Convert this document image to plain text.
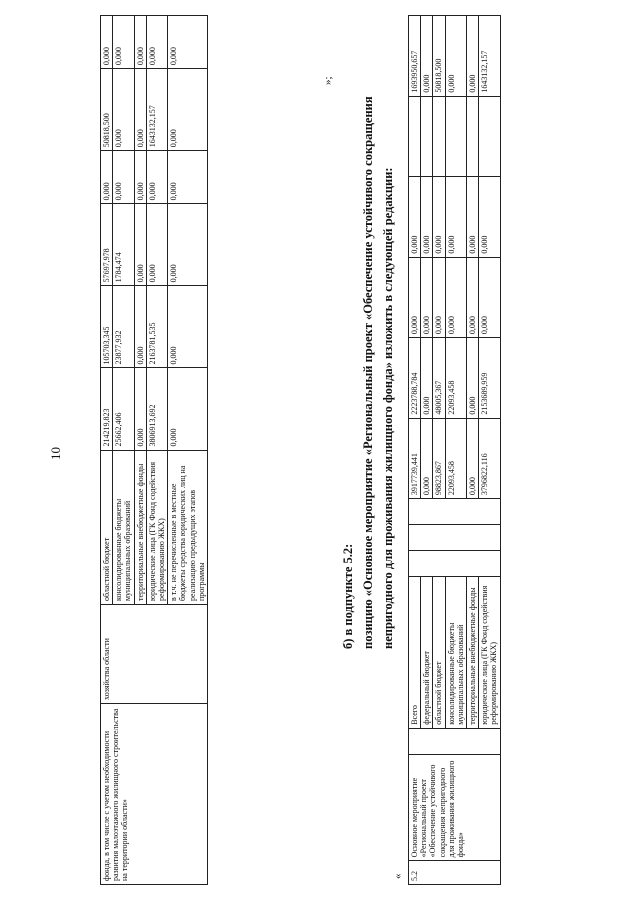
10
фонда, в том числе с учетом необходимости развития малоэтажного жилищного строительства на территории области»	хозяйства области	областной бюджет	214219,823	105703,345	57697,978	0,000	50818,500	0,000
		консолидированные бюджеты муниципальных образований	25662,406	23877,932	1784,474	0,000	0,000	0,000
		территориальные внебюджетные фонды	0,000	0,000	0,000	0,000	0,000	0,000
		юридические лица (ГК Фонд содействия реформированию ЖКХ)	3806913,692	2163781,535	0,000	0,000	1643132,157	0,000
		в т.ч. не перечисленные в местные бюджеты средства юридических лиц на реализацию предыдущих этапов программы	0,000	0,000	0,000	0,000	0,000	0,000
»;
б) в подпункте 5.2: позицию «Основное мероприятие «Региональный проект «Обеспечение устойчивого сокращения непригодного для проживания жилищного фонда» изложить в следующей редакции:
« 5.2	Основное мероприятие «Региональный проект «Обеспечение устойчивого сокращения непригодного для проживания жилищного фонда»		Всего				3917739,441	2223788,784	0,000	0,000		1693950,657
			федеральный бюджет				0,000	0,000	0,000	0,000		0,000
			областной бюджет				98823,867	48005,367	0,000	0,000		50818,500
			консолидированные бюджеты муниципальных образований				22093,458	22093,458	0,000	0,000		0,000
			территориальные внебюджетные фонды				0,000	0,000	0,000	0,000		0,000
			юридические лица (ГК Фонд содействия реформированию ЖКХ)				3796822,116	2153689,959	0,000	0,000		1643132,157
